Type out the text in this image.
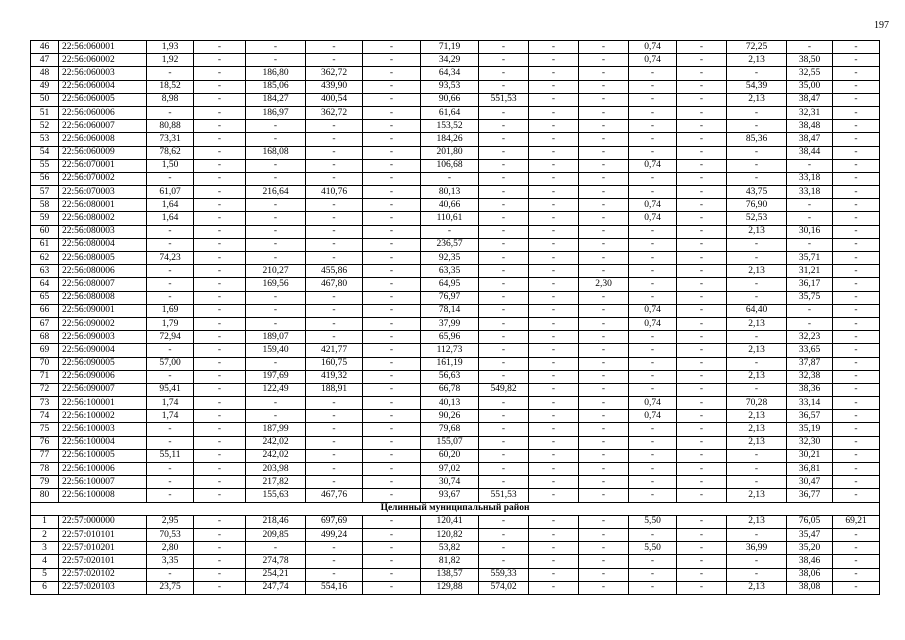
197
46	22:56:060001	1,93	-	-	-	-	71,19	-	-	-	0,74	-	72,25	-	-
47	22:56:060002	1,92	-	-	-	-	34,29	-	-	-	0,74	-	2,13	38,50	-
48	22:56:060003	-	-	186,80	362,72	-	64,34	-	-	-	-	-	-	32,55	-
49	22:56:060004	18,52	-	185,06	439,90	-	93,53	-	-	-	-	-	54,39	35,00	-
50	22:56:060005	8,98	-	184,27	400,54	-	90,66	551,53	-	-	-	-	2,13	38,47	-
51	22:56:060006	-	-	186,97	362,72	-	61,64	-	-	-	-	-	-	32,31	-
52	22:56:060007	80,88	-	-	-	-	153,52	-	-	-	-	-	-	38,48	-
53	22:56:060008	73,31	-	-	-	-	184,26	-	-	-	-	-	85,36	38,47	-
54	22:56:060009	78,62	-	168,08	-	-	201,80	-	-	-	-	-	-	38,44	-
55	22:56:070001	1,50	-	-	-	-	106,68	-	-	-	0,74	-	-	-	-
56	22:56:070002	-	-	-	-	-	-	-	-	-	-	-	-	33,18	-
57	22:56:070003	61,07	-	216,64	410,76	-	80,13	-	-	-	-	-	43,75	33,18	-
58	22:56:080001	1,64	-	-	-	-	40,66	-	-	-	0,74	-	76,90	-	-
59	22:56:080002	1,64	-	-	-	-	110,61	-	-	-	0,74	-	52,53	-	-
60	22:56:080003	-	-	-	-	-	-	-	-	-	-	-	2,13	30,16	-
61	22:56:080004	-	-	-	-	-	236,57	-	-	-	-	-	-	-	-
62	22:56:080005	74,23	-	-	-	-	92,35	-	-	-	-	-	-	35,71	-
63	22:56:080006	-	-	210,27	455,86	-	63,35	-	-	-	-	-	2,13	31,21	-
64	22:56:080007	-	-	169,56	467,80	-	64,95	-	-	2,30	-	-	-	36,17	-
65	22:56:080008	-	-	-	-	-	76,97	-	-	-	-	-	-	35,75	-
66	22:56:090001	1,69	-	-	-	-	78,14	-	-	-	0,74	-	64,40	-	-
67	22:56:090002	1,79	-	-	-	-	37,99	-	-	-	0,74	-	2,13	-	-
68	22:56:090003	72,94	-	189,07	-	-	65,96	-	-	-	-	-	-	32,23	-
69	22:56:090004	-	-	159,40	421,77	-	112,73	-	-	-	-	-	2,13	33,65	-
70	22:56:090005	57,00	-	-	160,75	-	161,19	-	-	-	-	-	-	37,87	-
71	22:56:090006	-	-	197,69	419,32	-	56,63	-	-	-	-	-	2,13	32,38	-
72	22:56:090007	95,41	-	122,49	188,91	-	66,78	549,82	-	-	-	-	-	38,36	-
73	22:56:100001	1,74	-	-	-	-	40,13	-	-	-	0,74	-	70,28	33,14	-
74	22:56:100002	1,74	-	-	-	-	90,26	-	-	-	0,74	-	2,13	36,57	-
75	22:56:100003	-	-	187,99	-	-	79,68	-	-	-	-	-	2,13	35,19	-
76	22:56:100004	-	-	242,02	-	-	155,07	-	-	-	-	-	2,13	32,30	-
77	22:56:100005	55,11	-	242,02	-	-	60,20	-	-	-	-	-	-	30,21	-
78	22:56:100006	-	-	203,98	-	-	97,02	-	-	-	-	-	-	36,81	-
79	22:56:100007	-	-	217,82	-	-	30,74	-	-	-	-	-	-	30,47	-
80	22:56:100008	-	-	155,63	467,76	-	93,67	551,53	-	-	-	-	2,13	36,77	-
Целинный муниципальный район															
1	22:57:000000	2,95	-	218,46	697,69	-	120,41	-	-	-	5,50	-	2,13	76,05	69,21
2	22:57:010101	70,53	-	209,85	499,24	-	120,82	-	-	-	-	-	-	35,47	-
3	22:57:010201	2,80	-	-	-	-	53,82	-	-	-	5,50	-	36,99	35,20	-
4	22:57:020101	3,35	-	274,78	-	-	81,82	-	-	-	-	-	-	38,46	-
5	22:57:020102	-	-	254,21	-	-	138,57	559,33	-	-	-	-	-	38,06	-
6	22:57:020103	23,75	-	247,74	554,16	-	129,88	574,02	-	-	-	-	2,13	38,08	-
